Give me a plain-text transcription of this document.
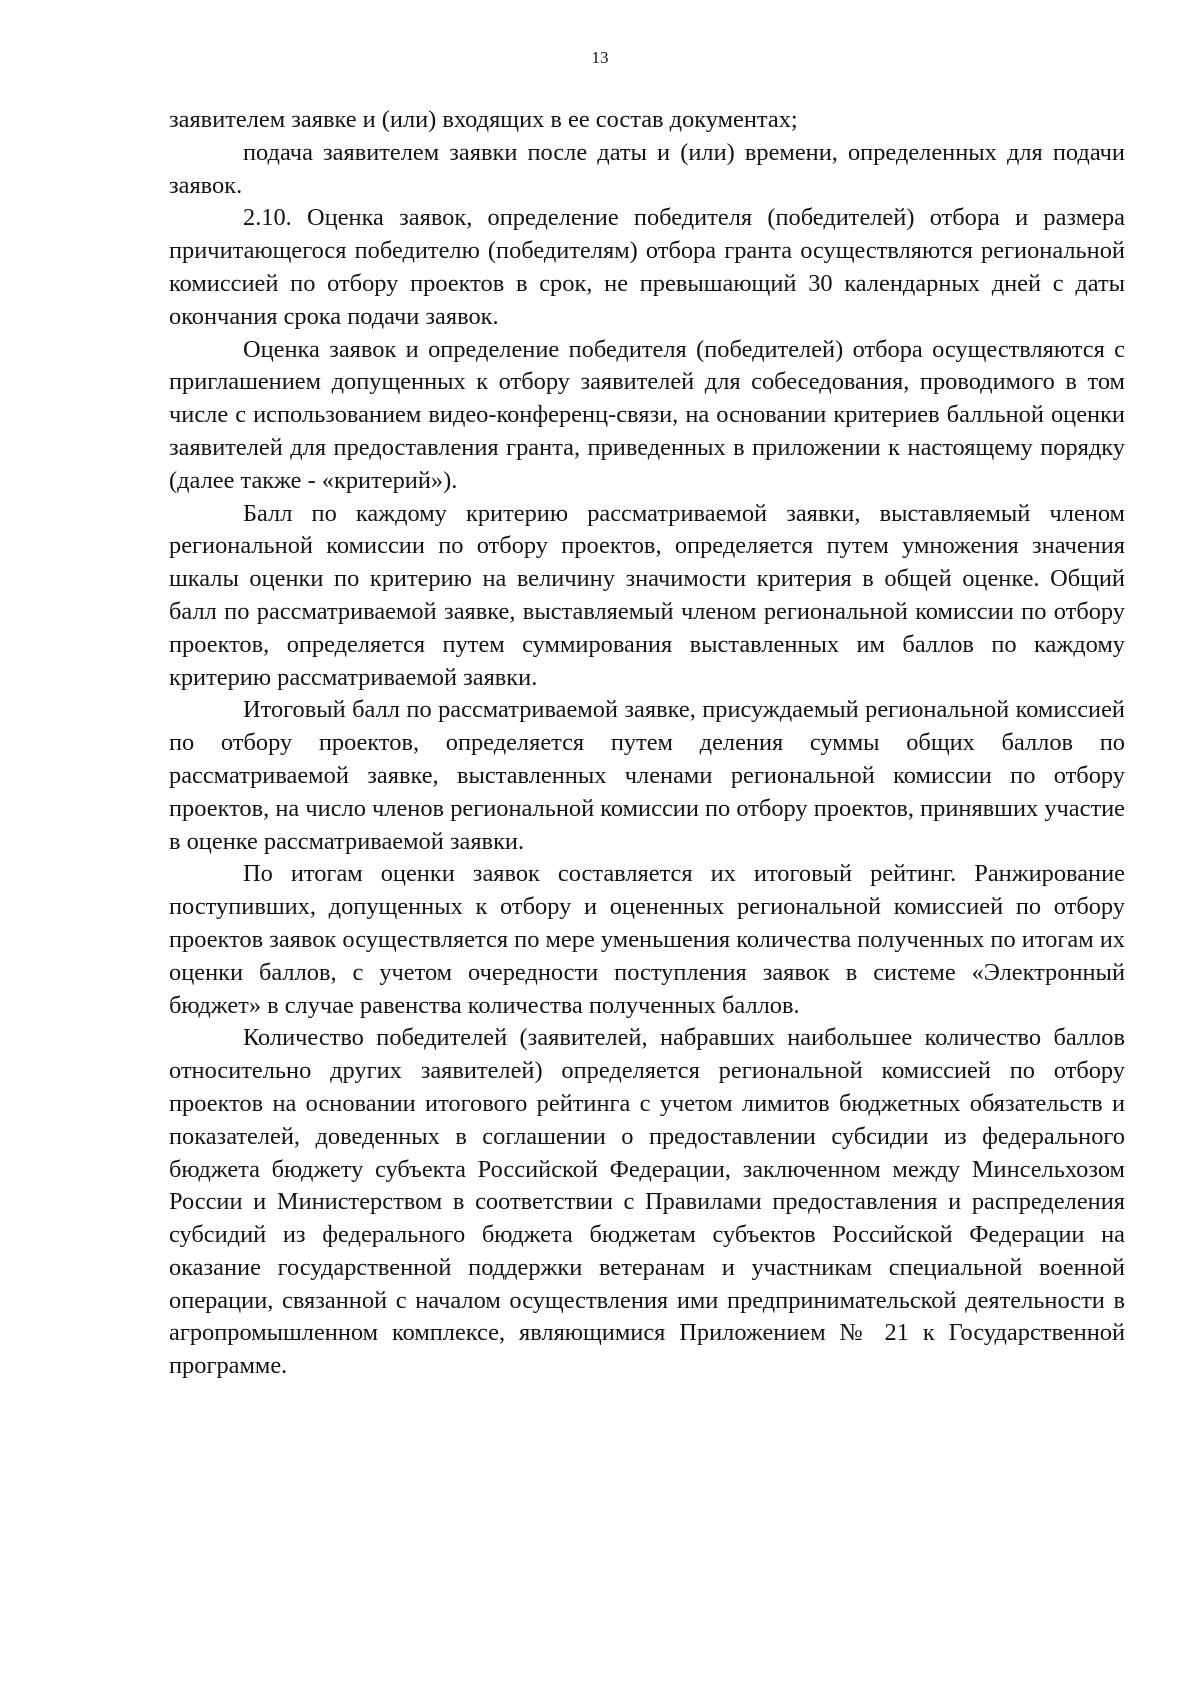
13

заявителем заявке и (или) входящих в ее состав документах;

подача заявителем заявки после даты и (или) времени, определенных для подачи заявок.

2.10. Оценка заявок, определение победителя (победителей) отбора и размера причитающегося победителю (победителям) отбора гранта осуществляются региональной комиссией по отбору проектов в срок, не превышающий 30 календарных дней с даты окончания срока подачи заявок.

Оценка заявок и определение победителя (победителей) отбора осуществляются с приглашением допущенных к отбору заявителей для собеседования, проводимого в том числе с использованием видео-конференц-связи, на основании критериев балльной оценки заявителей для предоставления гранта, приведенных в приложении к настоящему порядку (далее также - «критерий»).

Балл по каждому критерию рассматриваемой заявки, выставляемый членом региональной комиссии по отбору проектов, определяется путем умножения значения шкалы оценки по критерию на величину значимости критерия в общей оценке. Общий балл по рассматриваемой заявке, выставляемый членом региональной комиссии по отбору проектов, определяется путем суммирования выставленных им баллов по каждому критерию рассматриваемой заявки.

Итоговый балл по рассматриваемой заявке, присуждаемый региональной комиссией по отбору проектов, определяется путем деления суммы общих баллов по рассматриваемой заявке, выставленных членами региональной комиссии по отбору проектов, на число членов региональной комиссии по отбору проектов, принявших участие в оценке рассматриваемой заявки.

По итогам оценки заявок составляется их итоговый рейтинг. Ранжирование поступивших, допущенных к отбору и оцененных региональной комиссией по отбору проектов заявок осуществляется по мере уменьшения количества полученных по итогам их оценки баллов, с учетом очередности поступления заявок в системе «Электронный бюджет» в случае равенства количества полученных баллов.

Количество победителей (заявителей, набравших наибольшее количество баллов относительно других заявителей) определяется региональной комиссией по отбору проектов на основании итогового рейтинга с учетом лимитов бюджетных обязательств и показателей, доведенных в соглашении о предоставлении субсидии из федерального бюджета бюджету субъекта Российской Федерации, заключенном между Минсельхозом России и Министерством в соответствии с Правилами предоставления и распределения субсидий из федерального бюджета бюджетам субъектов Российской Федерации на оказание государственной поддержки ветеранам и участникам специальной военной операции, связанной с началом осуществления ими предпринимательской деятельности в агропромышленном комплексе, являющимися Приложением № 21 к Государственной программе.
